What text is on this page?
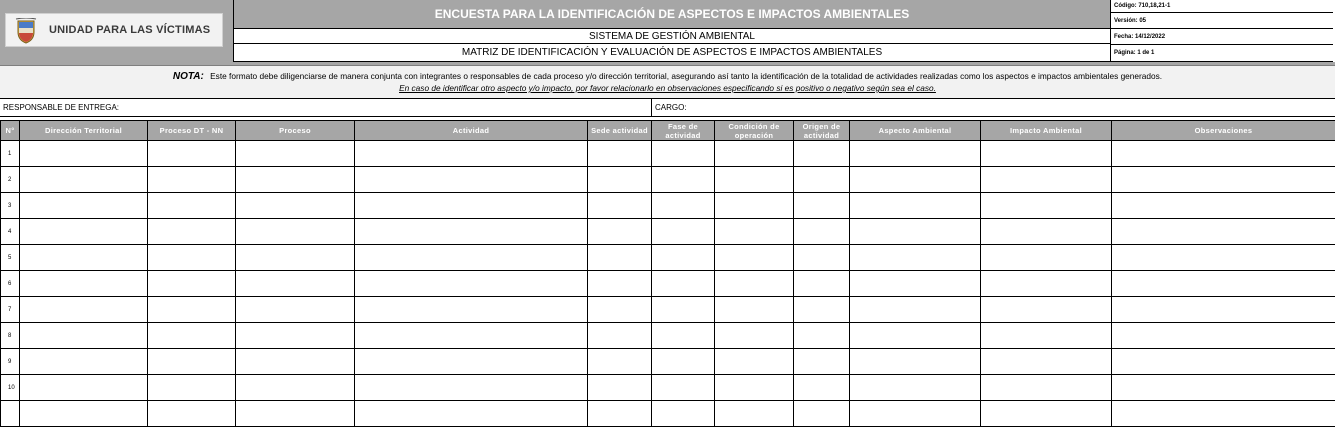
UNIDAD PARA LAS VÍCTIMAS
ENCUESTA PARA LA IDENTIFICACIÓN DE ASPECTOS E IMPACTOS AMBIENTALES
SISTEMA DE GESTIÓN AMBIENTAL
MATRIZ DE IDENTIFICACIÓN Y EVALUACIÓN DE ASPECTOS E IMPACTOS AMBIENTALES
Código: 710,18,21-1
Versión: 05
Fecha: 14/12/2022
Página: 1 de 1
NOTA: Este formato debe diligenciarse de manera conjunta con integrantes o responsables de cada proceso y/o dirección territorial, asegurando así tanto la identificación de la totalidad de actividades realizadas como los aspectos e impactos ambientales generados.
En caso de identificar otro aspecto y/o impacto, por favor relacionarlo en observaciones especificando si es positivo o negativo según sea el caso.
RESPONSABLE DE ENTREGA:	CARGO:
N°	Dirección Territorial	Proceso DT - NN	Proceso	Actividad	Sede actividad	Fase de actividad	Condición de operación	Origen de actividad	Aspecto Ambiental	Impacto Ambiental	Observaciones
1											
2											
3											
4											
5											
6											
7											
8											
9											
10											
